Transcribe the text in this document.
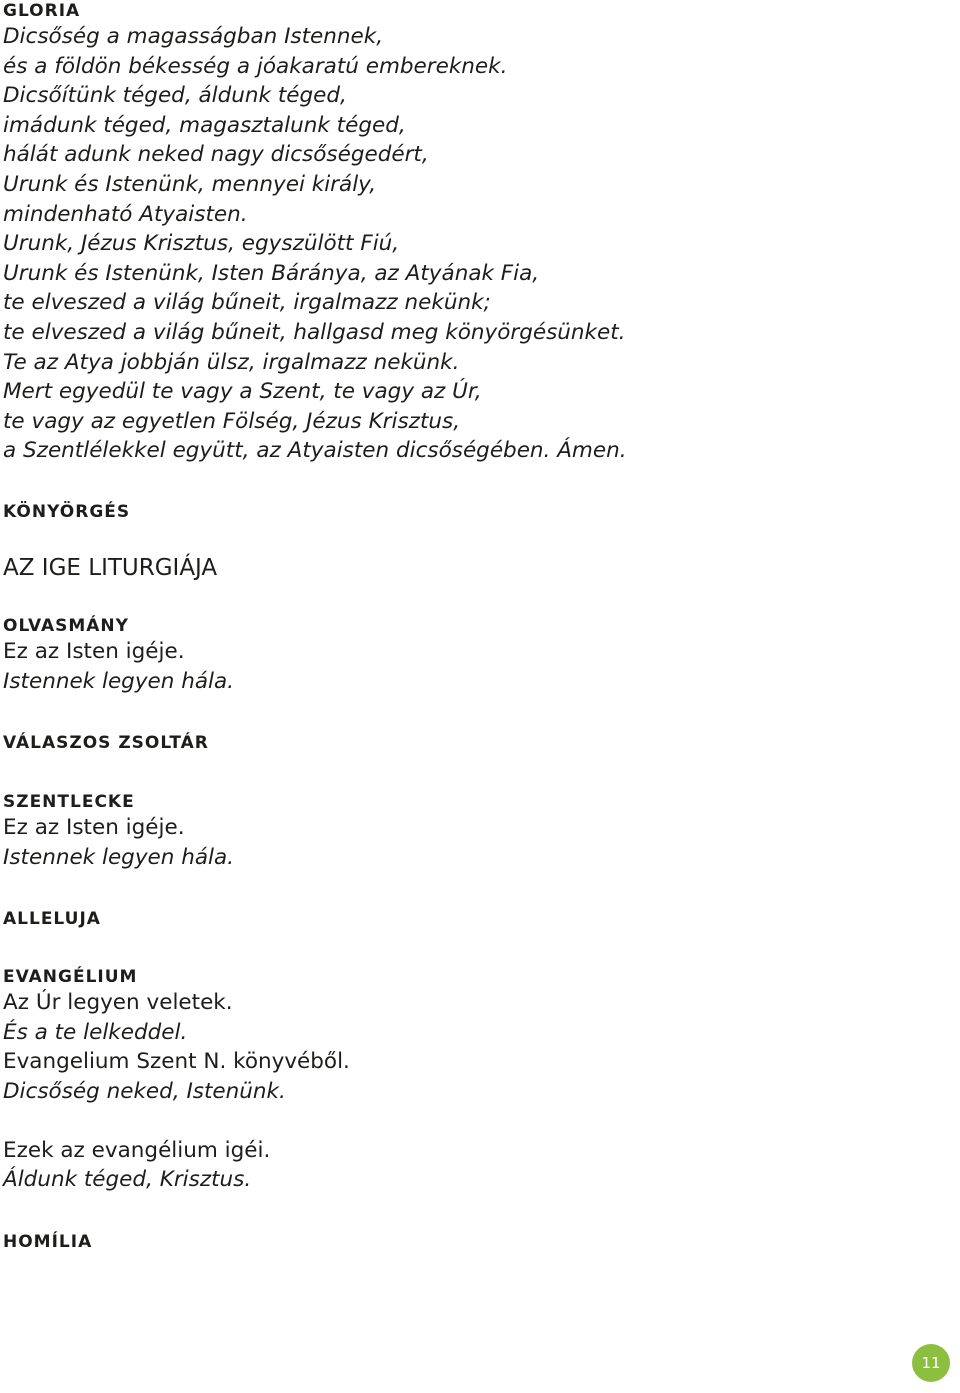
GLORIA

Dicsőség a magasságban Istennek,

és a földön békesség a jóakaratú embereknek.

Dicsőítünk téged, áldunk téged,

imádunk téged, magasztalunk téged,

hálát adunk neked nagy dicsőségedért,

Urunk és Istenünk, mennyei király,

mindenható Atyaisten.

Urunk, Jézus Krisztus, egyszülött Fiú,

Urunk és Istenünk, Isten Báránya, az Atyának Fia,

te elveszed a világ bűneit, irgalmazz nekünk;

te elveszed a világ bűneit, hallgasd meg könyörgésünket.

Te az Atya jobbján ülsz, irgalmazz nekünk.

Mert egyedül te vagy a Szent, te vagy az Úr,

te vagy az egyetlen Fölség, Jézus Krisztus,

a Szentlélekkel együtt, az Atyaisten dicsőségében. Ámen.

KÖNYÖRGÉS

AZ IGE LITURGIÁJA

OLVASMÁNY

Ez az Isten igéje.

Istennek legyen hála.

VÁLASZOS ZSOLTÁR

SZENTLECKE

Ez az Isten igéje.

Istennek legyen hála.

ALLELUJA

EVANGÉLIUM

Az Úr legyen veletek.

És a te lelkeddel.

Evangelium Szent N. könyvéből.

Dicsőség neked, Istenünk.

Ezek az evangélium igéi.

Áldunk téged, Krisztus.

HOMÍLIA

11
